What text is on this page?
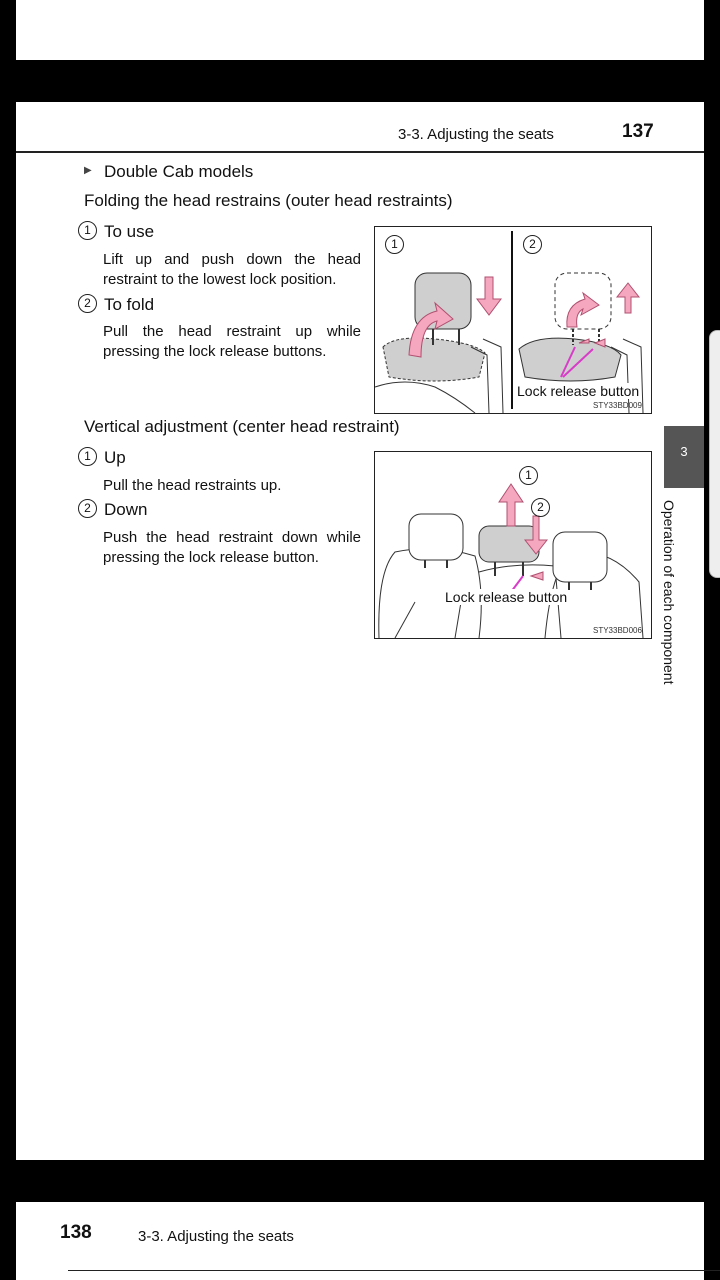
3-3. Adjusting the seats	137
▶ Double Cab models
Folding the head restrains (outer head restraints)
1 To use
Lift up and push down the head restraint to the lowest lock position.
2 To fold
Pull the head restraint up while pressing the lock release buttons.
1	2
Lock release button
STY33BD009
Vertical adjustment (center head restraint)
1 Up
Pull the head restraints up.
2 Down
Push the head restraint down while pressing the lock release button.
1
2
Lock release button
STY33BD006
3
Operation of each component
138	3-3. Adjusting the seats
